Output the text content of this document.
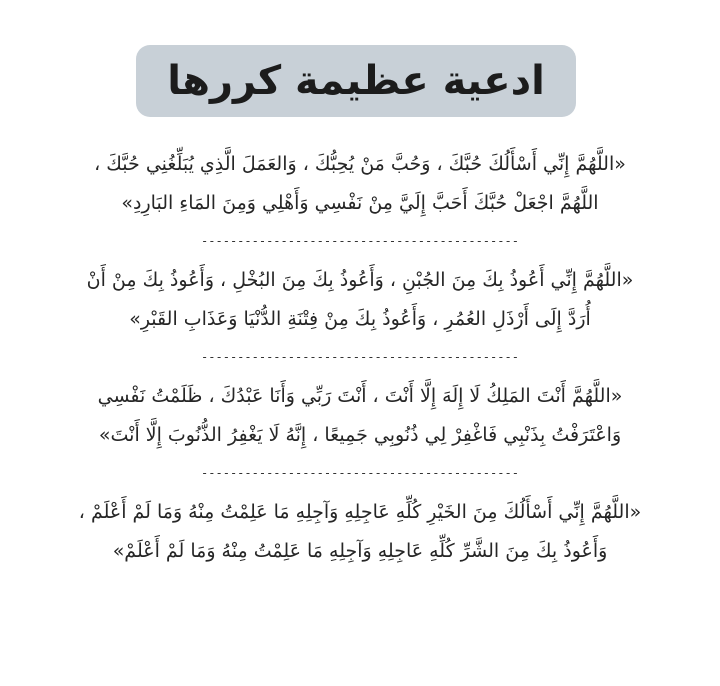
ادعية عظيمة كررها
«اللَّهُمَّ إِنِّي أَسْأَلُكَ حُبَّكَ ، وَحُبَّ مَنْ يُحِبُّكَ ، وَالعَمَلَ الَّذِي يُبَلِّغُنِي حُبَّكَ ،
اللَّهُمَّ اجْعَلْ حُبَّكَ أَحَبَّ إِلَيَّ مِنْ نَفْسِي وَأَهْلِي وَمِنَ المَاءِ البَارِدِ»
--------------------------------------------
«اللَّهُمَّ إِنِّي أَعُوذُ بِكَ مِنَ الجُبْنِ ، وَأَعُوذُ بِكَ مِنَ البُخْلِ ، وَأَعُوذُ بِكَ مِنْ أَنْ
أُرَدَّ إِلَى أَرْذَلِ العُمُرِ ، وَأَعُوذُ بِكَ مِنْ فِتْنَةِ الدُّنْيَا وَعَذَابِ القَبْرِ»
--------------------------------------------
«اللَّهُمَّ أَنْتَ المَلِكُ لَا إِلَهَ إِلَّا أَنْتَ ، أَنْتَ رَبِّي وَأَنَا عَبْدُكَ ، ظَلَمْتُ نَفْسِي
وَاعْتَرَفْتُ بِذَنْبِي فَاغْفِرْ لِي ذُنُوبِي جَمِيعًا ، إِنَّهُ لَا يَغْفِرُ الذُّنُوبَ إِلَّا أَنْتَ»
--------------------------------------------
«اللَّهُمَّ إِنِّي أَسْأَلُكَ مِنَ الخَيْرِ كُلِّهِ عَاجِلِهِ وَآجِلِهِ مَا عَلِمْتُ مِنْهُ وَمَا لَمْ أَعْلَمْ ،
وَأَعُوذُ بِكَ مِنَ الشَّرِّ كُلِّهِ عَاجِلِهِ وَآجِلِهِ مَا عَلِمْتُ مِنْهُ وَمَا لَمْ أَعْلَمْ»
